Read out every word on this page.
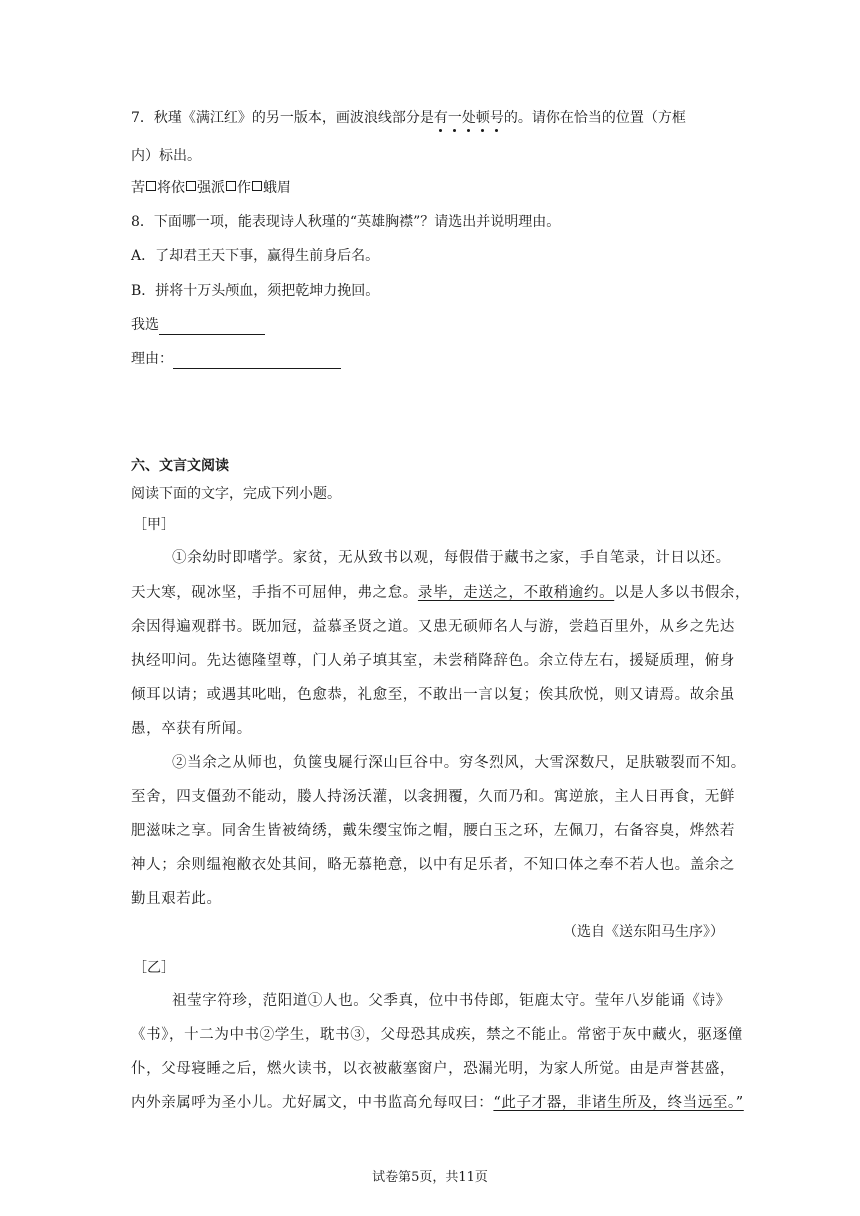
7．秋瑾《满江红》的另一版本，画波浪线部分是有一处顿号的。请你在恰当的位置（方框
内）标出。
苦 将依 强派 作 蛾眉
8．下面哪一项，能表现诗人秋瑾的“英雄胸襟”？请选出并说明理由。
A．了却君王天下事，赢得生前身后名。
B．拼将十万头颅血，须把乾坤力挽回。
我选
理由：
六、文言文阅读
阅读下面的文字，完成下列小题。
［甲］
①余幼时即嗜学。家贫，无从致书以观，每假借于藏书之家，手自笔录，计日以还。
天大寒，砚冰坚，手指不可屈伸，弗之怠。录毕，走送之，不敢稍逾约。以是人多以书假余，
余因得遍观群书。既加冠，益慕圣贤之道。又患无硕师名人与游，尝趋百里外，从乡之先达
执经叩问。先达德隆望尊，门人弟子填其室，未尝稍降辞色。余立侍左右，援疑质理，俯身
倾耳以请；或遇其叱咄，色愈恭，礼愈至，不敢出一言以复；俟其欣悦，则又请焉。故余虽
愚，卒获有所闻。
②当余之从师也，负箧曳屣行深山巨谷中。穷冬烈风，大雪深数尺，足肤皲裂而不知。
至舍，四支僵劲不能动，媵人持汤沃灌，以衾拥覆，久而乃和。寓逆旅，主人日再食，无鲜
肥滋味之享。同舍生皆被绮绣，戴朱缨宝饰之帽，腰白玉之环，左佩刀，右备容臭，烨然若
神人；余则缊袍敝衣处其间，略无慕艳意，以中有足乐者，不知口体之奉不若人也。盖余之
勤且艰若此。
（选自《送东阳马生序》）
［乙］
祖莹字符珍，范阳道①人也。父季真，位中书侍郎，钜鹿太守。莹年八岁能诵《诗》
《书》，十二为中书②学生，耽书③，父母恐其成疾，禁之不能止。常密于灰中藏火，驱逐僮
仆，父母寝睡之后，燃火读书，以衣被蔽塞窗户，恐漏光明，为家人所觉。由是声誉甚盛，
内外亲属呼为圣小儿。尤好属文，中书监高允每叹曰：“此子才器，非诸生所及，终当远至。”
试卷第5页，共11页
